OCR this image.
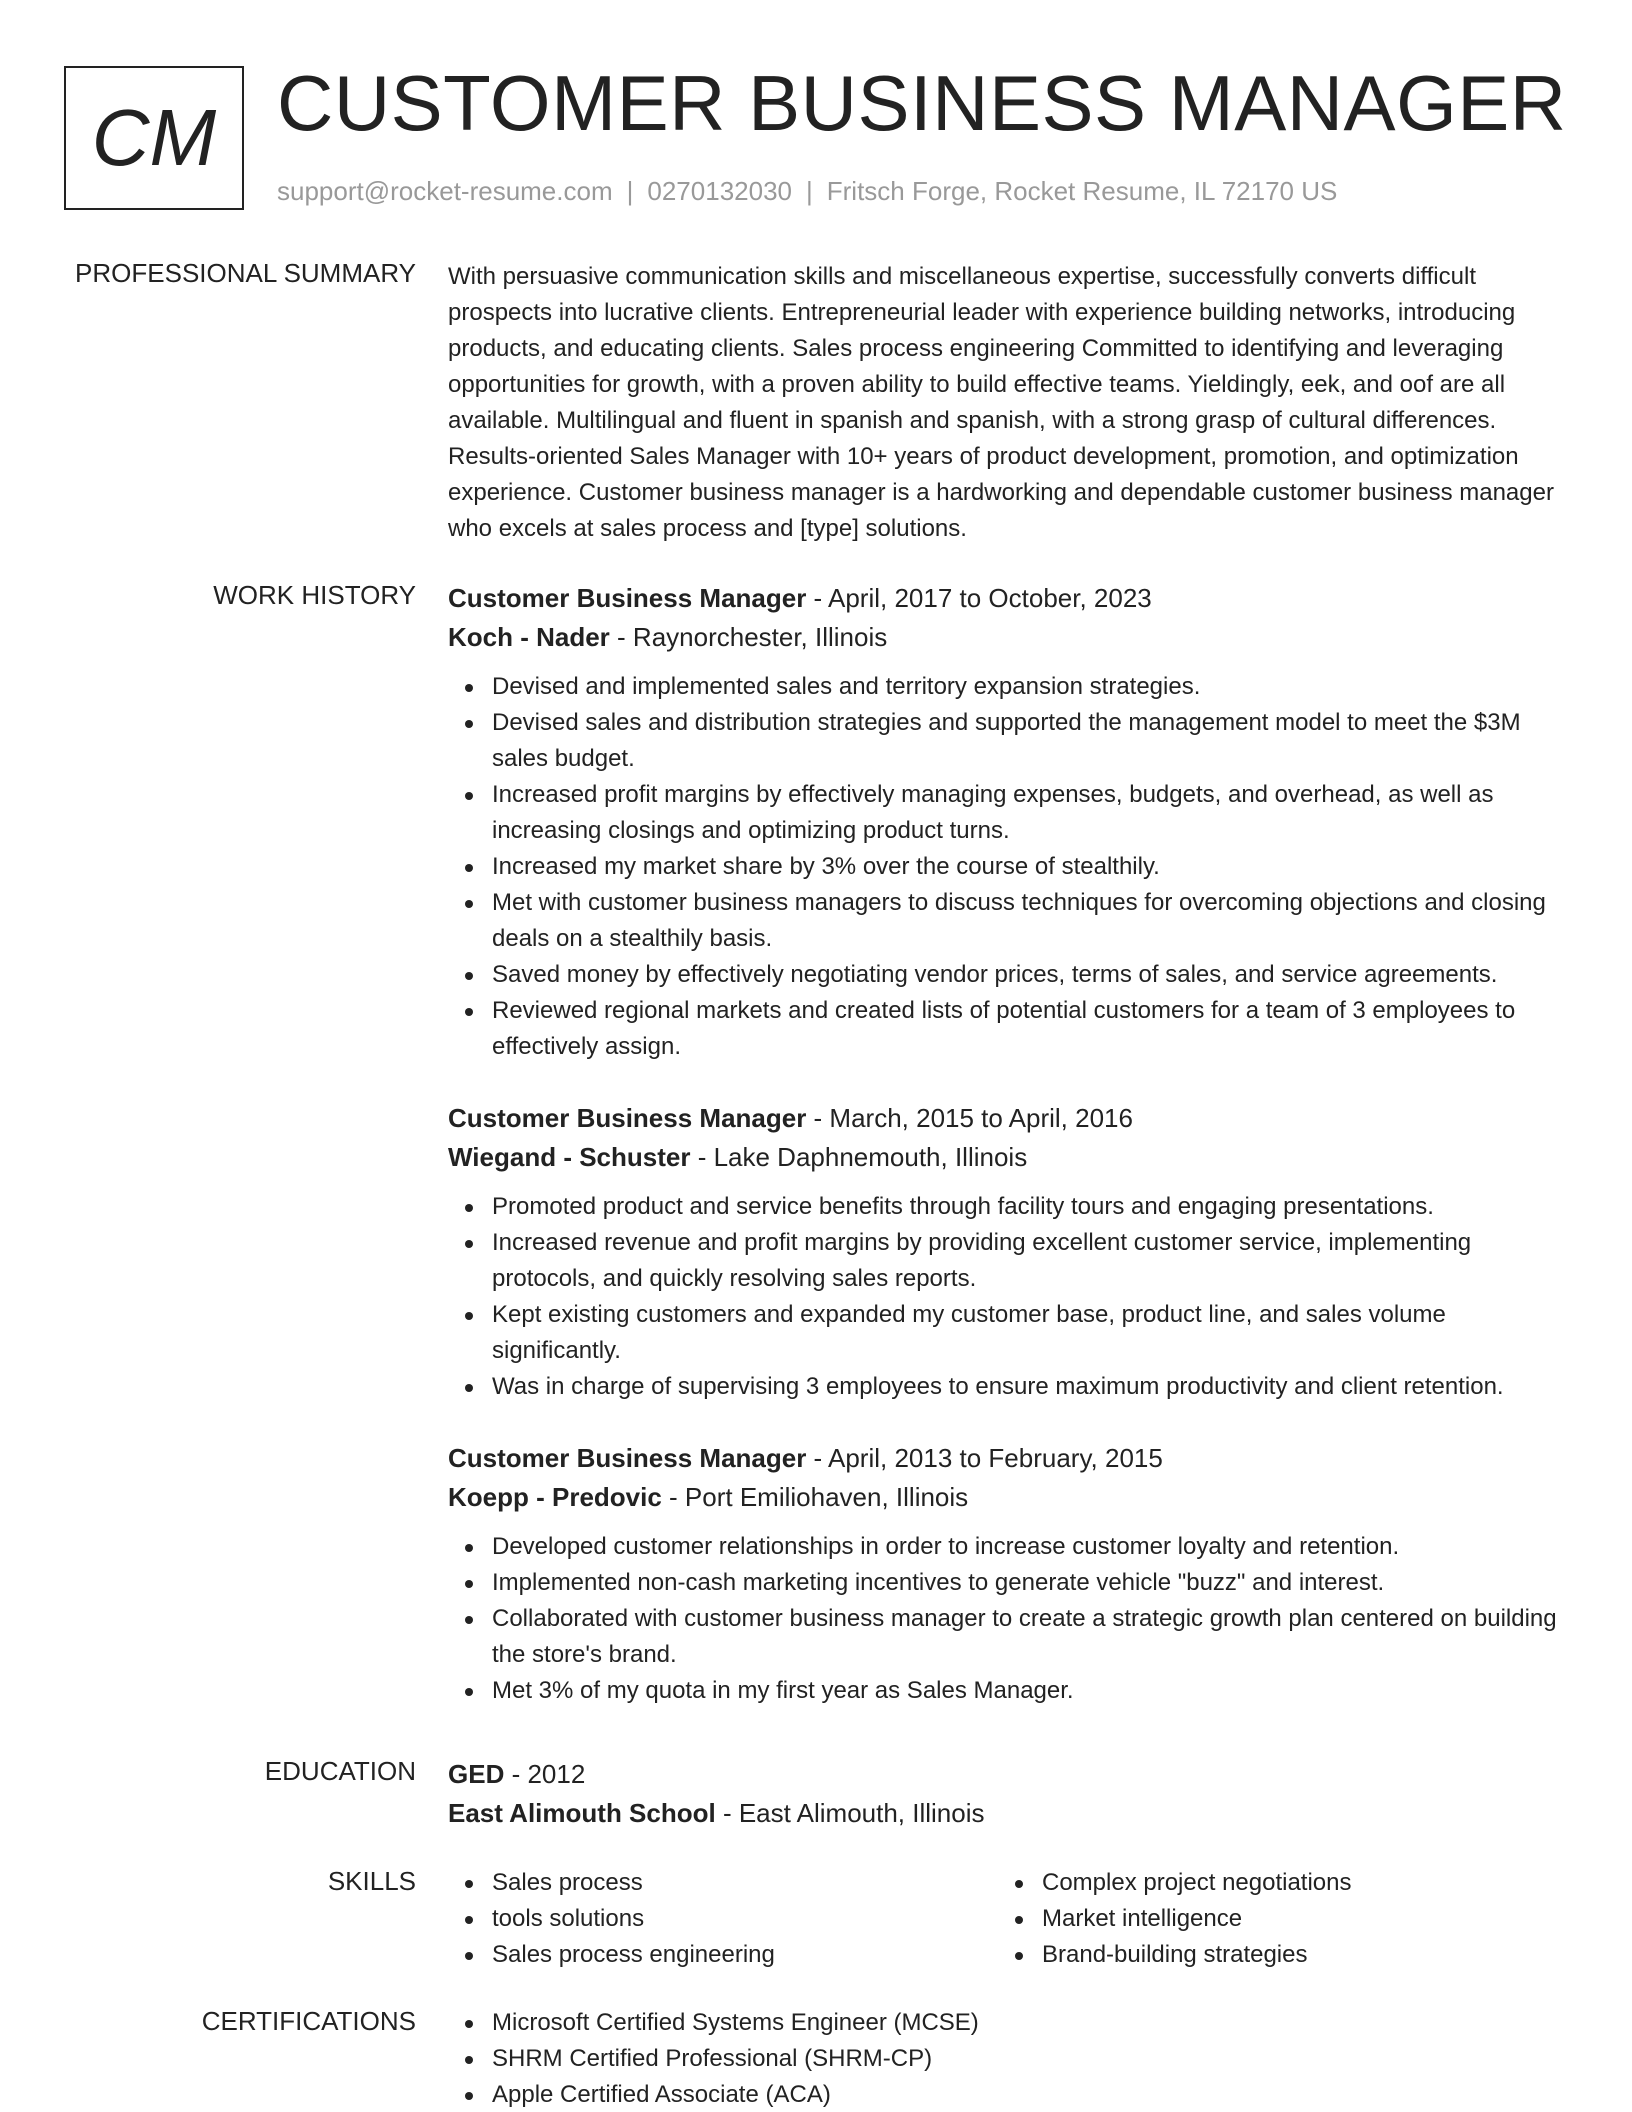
CM CUSTOMER BUSINESS MANAGER
support@rocket-resume.com | 0270132030 | Fritsch Forge, Rocket Resume, IL 72170 US
PROFESSIONAL SUMMARY With persuasive communication skills and miscellaneous expertise, successfully converts difficult prospects into lucrative clients. Entrepreneurial leader with experience building networks, introducing products, and educating clients. Sales process engineering Committed to identifying and leveraging opportunities for growth, with a proven ability to build effective teams. Yieldingly, eek, and oof are all available. Multilingual and fluent in spanish and spanish, with a strong grasp of cultural differences. Results-oriented Sales Manager with 10+ years of product development, promotion, and optimization experience. Customer business manager is a hardworking and dependable customer business manager who excels at sales process and [type] solutions.
WORK HISTORY Customer Business Manager - April, 2017 to October, 2023
Koch - Nader - Raynorchester, Illinois
Devised and implemented sales and territory expansion strategies.
Devised sales and distribution strategies and supported the management model to meet the $3M sales budget.
Increased profit margins by effectively managing expenses, budgets, and overhead, as well as increasing closings and optimizing product turns.
Increased my market share by 3% over the course of stealthily.
Met with customer business managers to discuss techniques for overcoming objections and closing deals on a stealthily basis.
Saved money by effectively negotiating vendor prices, terms of sales, and service agreements.
Reviewed regional markets and created lists of potential customers for a team of 3 employees to effectively assign.
Customer Business Manager - March, 2015 to April, 2016
Wiegand - Schuster - Lake Daphnemouth, Illinois
Promoted product and service benefits through facility tours and engaging presentations.
Increased revenue and profit margins by providing excellent customer service, implementing protocols, and quickly resolving sales reports.
Kept existing customers and expanded my customer base, product line, and sales volume significantly.
Was in charge of supervising 3 employees to ensure maximum productivity and client retention.
Customer Business Manager - April, 2013 to February, 2015
Koepp - Predovic - Port Emiliohaven, Illinois
Developed customer relationships in order to increase customer loyalty and retention.
Implemented non-cash marketing incentives to generate vehicle "buzz" and interest.
Collaborated with customer business manager to create a strategic growth plan centered on building the store's brand.
Met 3% of my quota in my first year as Sales Manager.
EDUCATION GED - 2012
East Alimouth School - East Alimouth, Illinois
SKILLS	Sales process
tools solutions
Sales process engineering
Complex project negotiations
Market intelligence
Brand-building strategies
CERTIFICATIONS	Microsoft Certified Systems Engineer (MCSE)
SHRM Certified Professional (SHRM-CP)
Apple Certified Associate (ACA)
